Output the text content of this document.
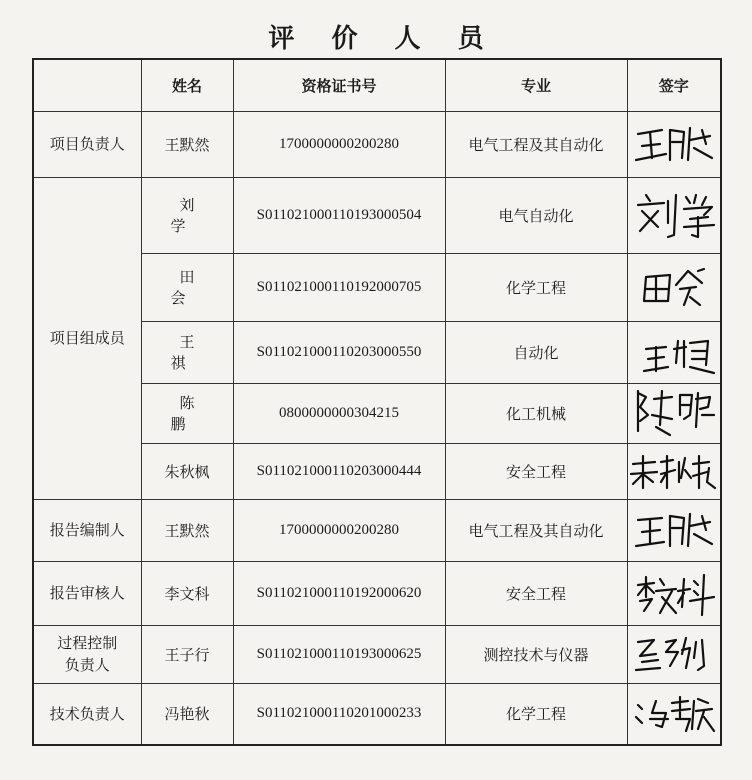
评 价 人 员
	姓名	资格证书号	专业	签字
项目负责人	王默然	1700000000200280	电气工程及其自动化	

项目组成员	刘 学	S011021000110193000504	电气自动化	

	田 会	S011021000110192000705	化学工程	

	王 祺	S011021000110203000550	自动化	

	陈 鹏	0800000000304215	化工机械	

	朱秋枫	S011021000110203000444	安全工程	

报告编制人	王默然	1700000000200280	电气工程及其自动化	

报告审核人	李文科	S011021000110192000620	安全工程	

过程控制
负责人	王子行	S011021000110193000625	测控技术与仪器	

技术负责人	冯艳秋	S011021000110201000233	化学工程	
